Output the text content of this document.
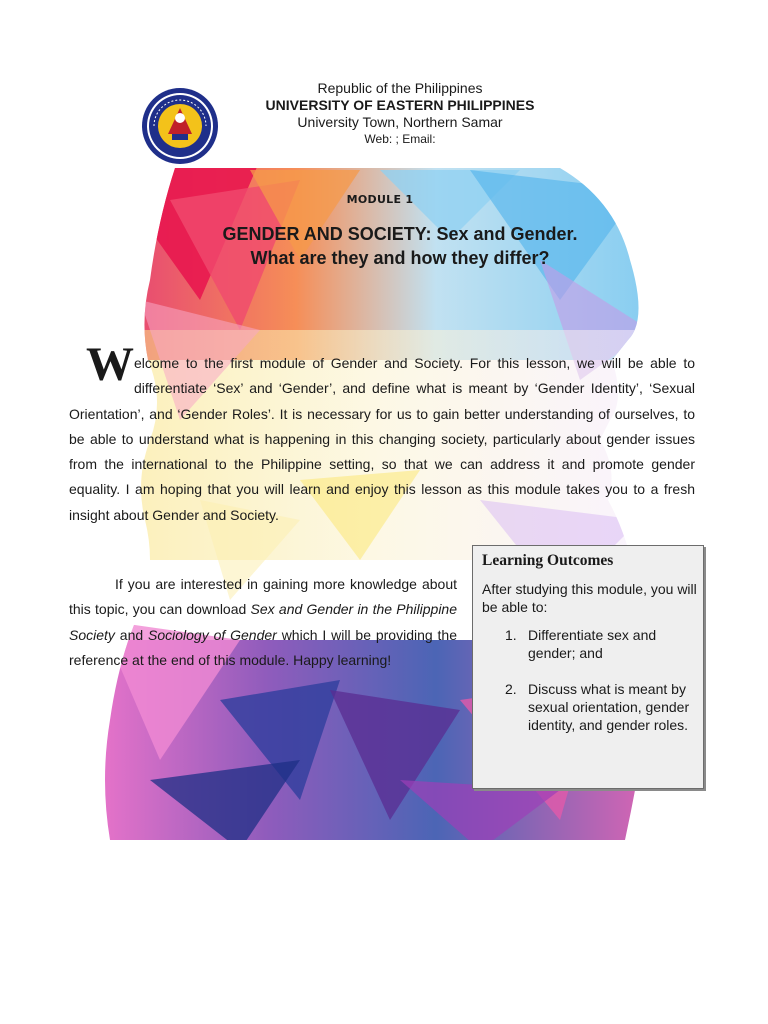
Republic of the Philippines
UNIVERSITY OF EASTERN PHILIPPINES
University Town, Northern Samar
Web: ; Email:
MODULE 1
GENDER AND SOCIETY: Sex and Gender.
What are they and how they differ?
W elcome to the first module of Gender and Society. For this lesson, we will be able to differentiate ‘Sex’ and ‘Gender’, and define what is meant by ‘Gender Identity’, ‘Sexual Orientation’, and ‘Gender Roles’. It is necessary for us to gain better understanding of ourselves, to be able to understand what is happening in this changing society, particularly about gender issues from the international to the Philippine setting, so that we can address it and promote gender equality. I am hoping that you will learn and enjoy this lesson as this module takes you to a fresh insight about Gender and Society.
If you are interested in gaining more knowledge about this topic, you can download Sex and Gender in the Philippine Society and Sociology of Gender which I will be providing the reference at the end of this module. Happy learning!
Learning Outcomes
After studying this module, you will be able to:
1. Differentiate sex and gender; and
2. Discuss what is meant by sexual orientation, gender identity, and gender roles.
